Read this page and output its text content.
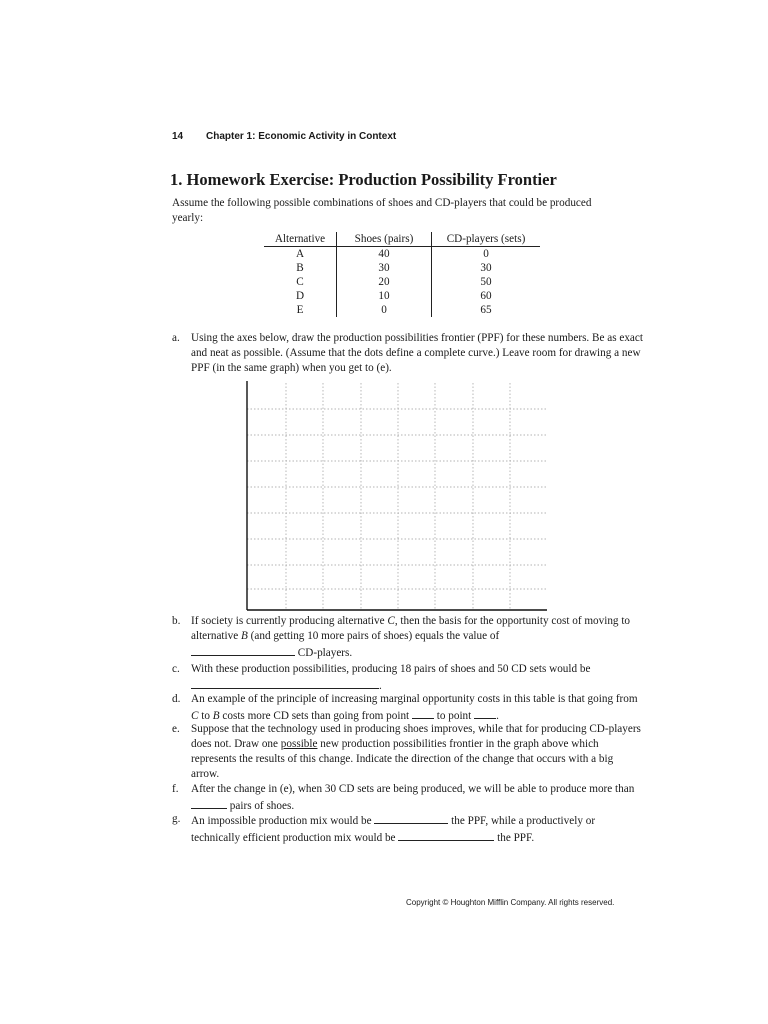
14 Chapter 1: Economic Activity in Context
1. Homework Exercise: Production Possibility Frontier
Assume the following possible combinations of shoes and CD-players that could be produced yearly:
Alternative	Shoes (pairs)	CD-players (sets)
A	40	0
B	30	30
C	20	50
D	10	60
E	0	65
a. Using the axes below, draw the production possibilities frontier (PPF) for these numbers. Be as exact and neat as possible. (Assume that the dots define a complete curve.) Leave room for drawing a new PPF (in the same graph) when you get to (e).
b. If society is currently producing alternative C, then the basis for the opportunity cost of moving to alternative B (and getting 10 more pairs of shoes) equals the value of
CD-players.
c. With these production possibilities, producing 18 pairs of shoes and 50 CD sets would be .
d. An example of the principle of increasing marginal opportunity costs in this table is that going from C to B costs more CD sets than going from point  to point .
e. Suppose that the technology used in producing shoes improves, while that for producing CD-players does not. Draw one possible new production possibilities frontier in the graph above which represents the results of this change. Indicate the direction of the change that occurs with a big arrow.
f. After the change in (e), when 30 CD sets are being produced, we will be able to produce more than  pairs of shoes.
g. An impossible production mix would be	the PPF, while a productively or technically efficient production mix would be	the PPF.
Copyright © Houghton Mifflin Company. All rights reserved.
